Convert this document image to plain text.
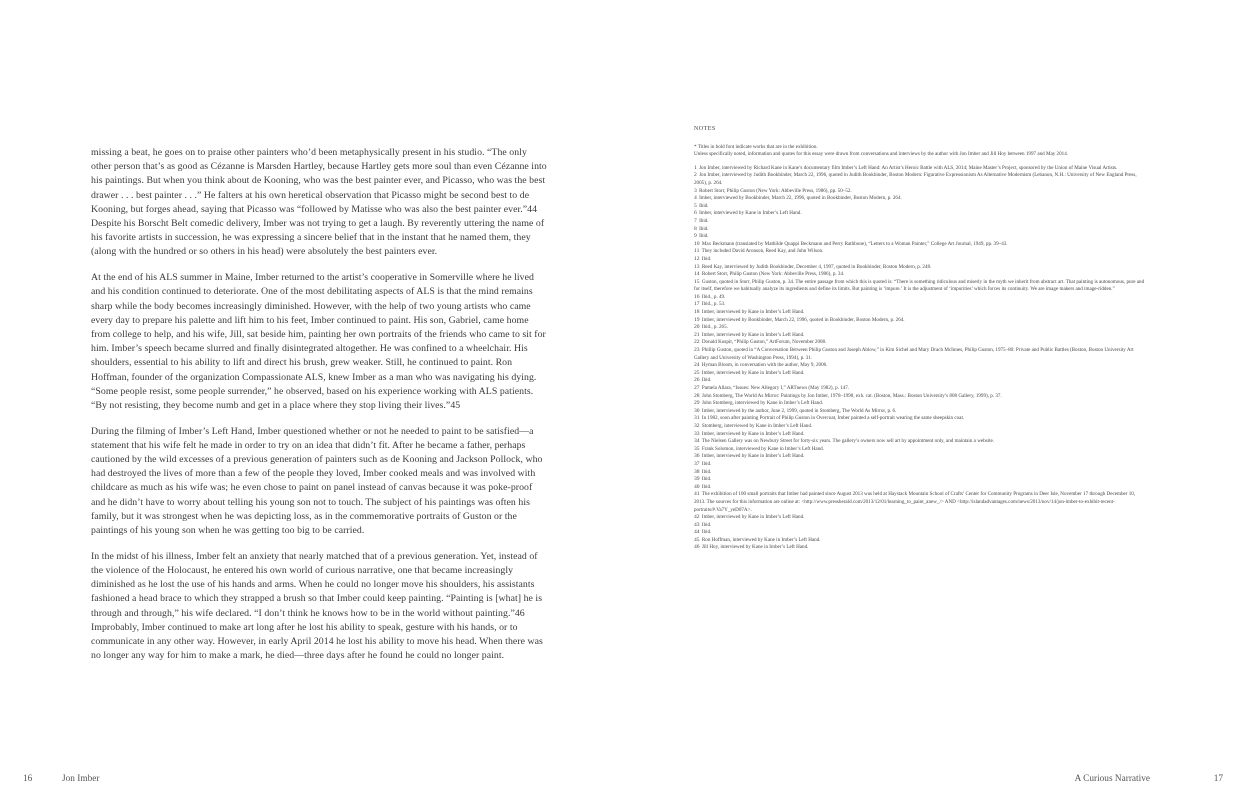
missing a beat, he goes on to praise other painters who’d been metaphysically present in his studio. “The only other person that’s as good as Cézanne is Marsden Hartley, because Hartley gets more soul than even Cézanne into his paintings. But when you think about de Kooning, who was the best painter ever, and Picasso, who was the best drawer . . . best painter . . .” He falters at his own heretical observation that Picasso might be second best to de Kooning, but forges ahead, saying that Picasso was “followed by Matisse who was also the best painter ever.”44 Despite his Borscht Belt comedic delivery, Imber was not trying to get a laugh. By reverently uttering the name of his favorite artists in succession, he was expressing a sincere belief that in the instant that he named them, they (along with the hundred or so others in his head) were absolutely the best painters ever.

At the end of his ALS summer in Maine, Imber returned to the artist’s cooperative in Somerville where he lived and his condition continued to deteriorate. One of the most debilitating aspects of ALS is that the mind remains sharp while the body becomes increasingly diminished. However, with the help of two young artists who came every day to prepare his palette and lift him to his feet, Imber continued to paint. His son, Gabriel, came home from college to help, and his wife, Jill, sat beside him, painting her own portraits of the friends who came to sit for him. Imber’s speech became slurred and finally disintegrated altogether. He was confined to a wheelchair. His shoulders, essential to his ability to lift and direct his brush, grew weaker. Still, he continued to paint. Ron Hoffman, founder of the organization Compassionate ALS, knew Imber as a man who was navigating his dying. “Some people resist, some people surrender,” he observed, based on his experience working with ALS patients. “By not resisting, they become numb and get in a place where they stop living their lives.”45

During the filming of Imber’s Left Hand, Imber questioned whether or not he needed to paint to be satisfied—a statement that his wife felt he made in order to try on an idea that didn’t fit. After he became a father, perhaps cautioned by the wild excesses of a previous generation of painters such as de Kooning and Jackson Pollock, who had destroyed the lives of more than a few of the people they loved, Imber cooked meals and was involved with childcare as much as his wife was; he even chose to paint on panel instead of canvas because it was poke-proof and he didn’t have to worry about telling his young son not to touch. The subject of his paintings was often his family, but it was strongest when he was depicting loss, as in the commemorative portraits of Guston or the paintings of his young son when he was getting too big to be carried.

In the midst of his illness, Imber felt an anxiety that nearly matched that of a previous generation. Yet, instead of the violence of the Holocaust, he entered his own world of curious narrative, one that became increasingly diminished as he lost the use of his hands and arms. When he could no longer move his shoulders, his assistants fashioned a head brace to which they strapped a brush so that Imber could keep painting. “Painting is [what] he is through and through,” his wife declared. “I don’t think he knows how to be in the world without painting.”46 Improbably, Imber continued to make art long after he lost his ability to speak, gesture with his hands, or to communicate in any other way. However, in early April 2014 he lost his ability to move his head. When there was no longer any way for him to make a mark, he died—three days after he found he could no longer paint.

NOTES

* Titles in bold font indicate works that are in the exhibition.

Unless specifically noted, information and quotes for this essay were drawn from conversations and interviews by the author with Jon Imber and Jill Hoy between 1997 and May 2014.

1 Jon Imber, interviewed by Richard Kane in Kane’s documentary film Imber’s Left Hand: An Artist’s Heroic Battle with ALS, 2014; Maine Master’s Project, sponsored by the Union of Maine Visual Artists.

2 Jon Imber, interviewed by Judith Bookbinder, March 22, 1996, quoted in Judith Bookbinder, Boston Modern: Figurative Expressionism As Alternative Modernism (Lebanon, N.H.: University of New England Press, 2005), p. 264.

3 Robert Storr, Philip Guston (New York: Abbeville Press, 1986), pp. 50–52.

4 Imber, interviewed by Bookbinder, March 22, 1996, quoted in Bookbinder, Boston Modern, p. 264.

5 Ibid.

6 Imber, interviewed by Kane in Imber’s Left Hand.

7 Ibid.

8 Ibid.

9 Ibid.

10 Max Beckmann (translated by Mathilde Quappi Beckmann and Perry Rathbone), “Letters to a Woman Painter,” College Art Journal, 1949, pp. 39–43.

11 They included David Aronson, Reed Kay, and John Wilson.

12 Ibid.

13 Reed Kay, interviewed by Judith Bookbinder, December 4, 1997, quoted in Bookbinder, Boston Modern, p. 248.

14 Robert Storr, Philip Guston (New York: Abbeville Press, 1986), p. 34.

15 Guston, quoted in Storr, Philip Guston, p. 34. The entire passage from which this is quoted is: “There is something ridiculous and miserly in the myth we inherit from abstract art. That painting is autonomous, pure and for itself, therefore we habitually analyze its ingredients and define its limits. But painting is ‘impure.’ It is the adjustment of ‘impurities’ which forces its continuity. We are image makers and image-ridden.”

16 Ibid., p. 49.

17 Ibid., p. 53.

18 Imber, interviewed by Kane in Imber’s Left Hand.

19 Imber, interviewed by Bookbinder, March 22, 1996, quoted in Bookbinder, Boston Modern, p. 264.

20 Ibid., p. 265.

21 Imber, interviewed by Kane in Imber’s Left Hand.

22 Donald Kuspit, “Philip Guston,” ArtForum, November 2008.

23 Phillip Guston, quoted in “A Conversation Between Philip Guston and Joseph Ablow,” in Kim Sichel and Mary Drach McInnes, Philip Guston, 1975–80: Private and Public Battles (Boston, Boston University Art Gallery and University of Washington Press, 1994), p. 31.

24 Hyman Bloom, in conversation with the author, May 9, 2006.

25 Imber, interviewed by Kane in Imber’s Left Hand.

26 Ibid.

27 Pamela Allara, “Issues: New Allegory I,” ARTnews (May 1982), p. 147.

28 John Stomberg, The World As Mirror: Paintings by Jon Imber, 1978–1998, exh. cat. (Boston, Mass.: Boston University’s 808 Gallery, 1999), p. 37.

29 John Stomberg, interviewed by Kane in Imber’s Left Hand.

30 Imber, interviewed by the author, June 2, 1999, quoted in Stomberg, The World As Mirror, p. 6.

31 In 1982, soon after painting Portrait of Philip Guston in Overcoat, Imber painted a self-portrait wearing the same sheepskin coat.

32 Stomberg, interviewed by Kane in Imber’s Left Hand.

33 Imber, interviewed by Kane in Imber’s Left Hand.

34 The Nielsen Gallery was on Newbury Street for forty-six years. The gallery’s owners now sell art by appointment only, and maintain a website.

35 Frank Solomon, interviewed by Kane in Imber’s Left Hand.

36 Imber, interviewed by Kane in Imber’s Left Hand.

37 Ibid.

38 Ibid.

39 Ibid.

40 Ibid.

41 The exhibition of 100 small portraits that Imber had painted since August 2013 was held at Haystack Mountain School of Crafts’ Center for Community Programs in Deer Isle, November 17 through December 10, 2013. The sources for this information are online at: <http://www.pressherald.com/2013/12/01/learning_to_paint_anew_/> AND <http://islandadvantages.com/news/2013/nov/14/jon-imber-to-exhibit-recent-portraits/#.Va7Y_yeD07A>.

42 Imber, interviewed by Kane in Imber’s Left Hand.

43 Ibid.

44 Ibid.

45 Ron Hoffman, interviewed by Kane in Imber’s Left Hand.

46 Jill Hoy, interviewed by Kane in Imber’s Left Hand.

16	Jon Imber	A Curious Narrative	17
